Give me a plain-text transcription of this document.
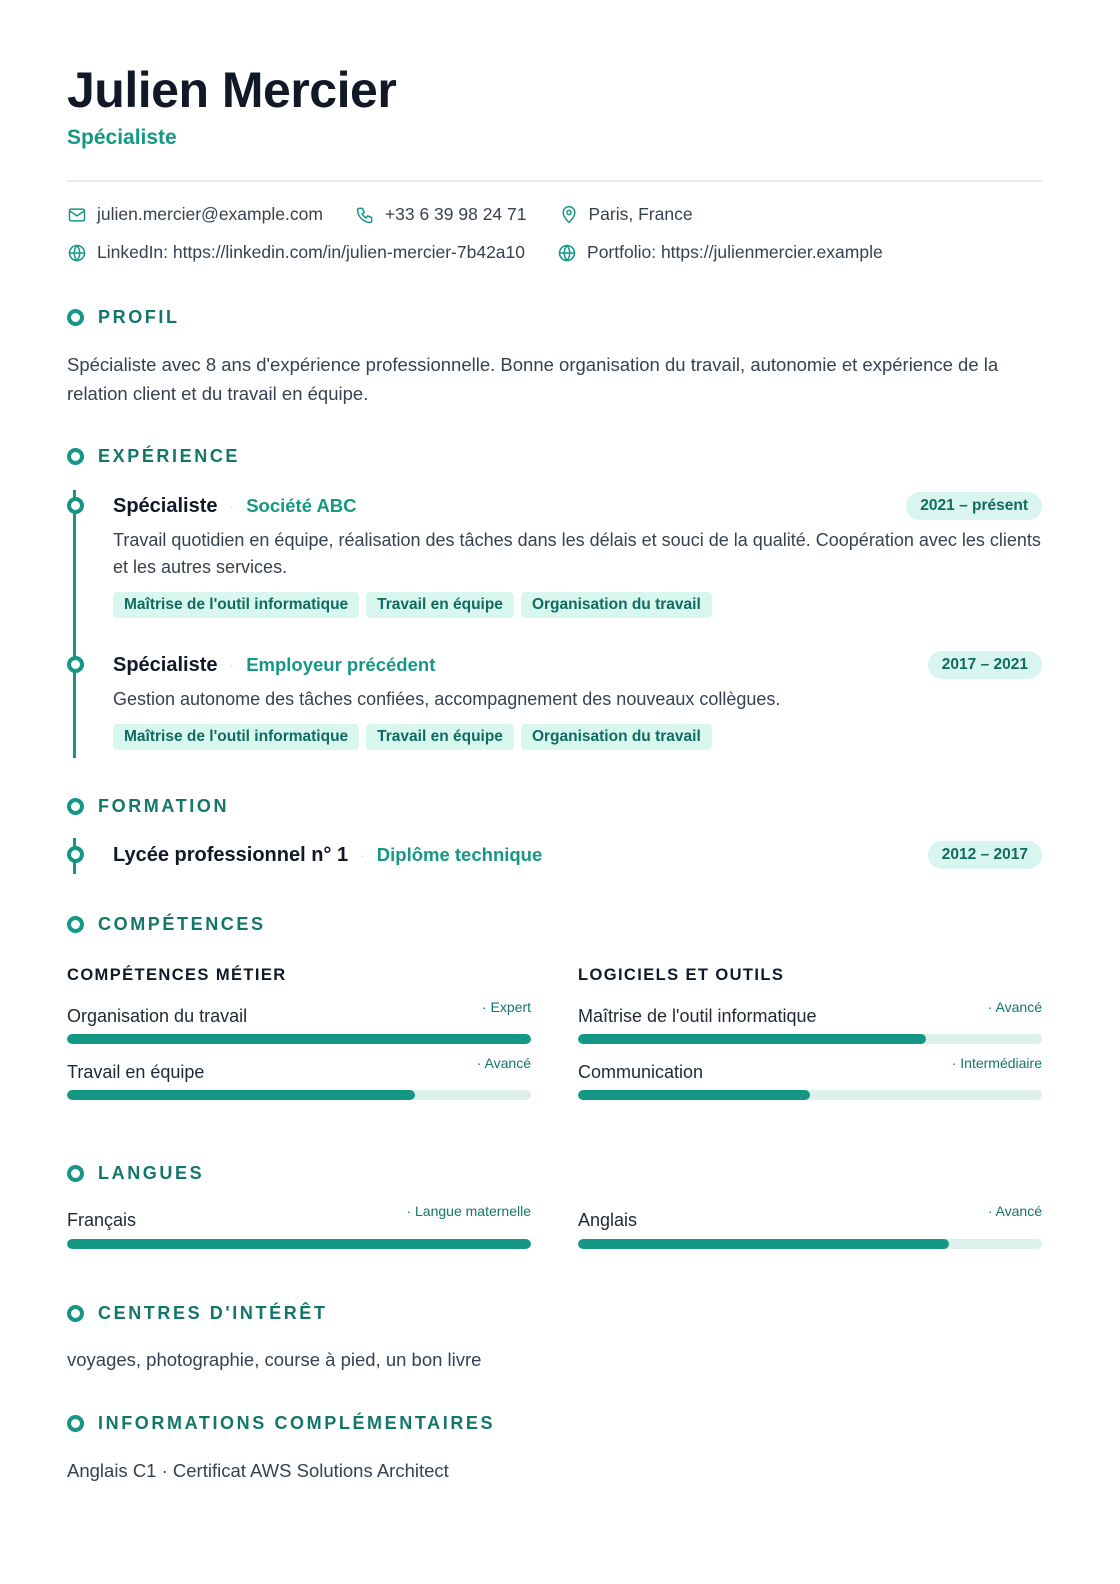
Julien Mercier
Spécialiste
julien.mercier@example.com	+33 6 39 98 24 71	Paris, France
LinkedIn: https://linkedin.com/in/julien-mercier-7b42a10	Portfolio: https://julienmercier.example
PROFIL

Spécialiste avec 8 ans d'expérience professionnelle. Bonne organisation du travail, autonomie et expérience de la relation client et du travail en équipe.

EXPÉRIENCE
Spécialiste · Société ABC	2021 – présent

Travail quotidien en équipe, réalisation des tâches dans les délais et souci de la qualité. Coopération avec les clients et les autres services.

Maîtrise de l'outil informatique	Travail en équipe	Organisation du travail
Spécialiste · Employeur précédent	2017 – 2021

Gestion autonome des tâches confiées, accompagnement des nouveaux collègues.

Maîtrise de l'outil informatique	Travail en équipe	Organisation du travail
FORMATION
Lycée professionnel n° 1 · Diplôme technique	2012 – 2017
COMPÉTENCES
COMPÉTENCES MÉTIER
Organisation du travail	· Expert
Travail en équipe	· Avancé
LOGICIELS ET OUTILS
Maîtrise de l'outil informatique	· Avancé
Communication	· Intermédiaire
LANGUES
Français	· Langue maternelle	Anglais	· Avancé
CENTRES D'INTÉRÊT

voyages, photographie, course à pied, un bon livre

INFORMATIONS COMPLÉMENTAIRES

Anglais C1 · Certificat AWS Solutions Architect
